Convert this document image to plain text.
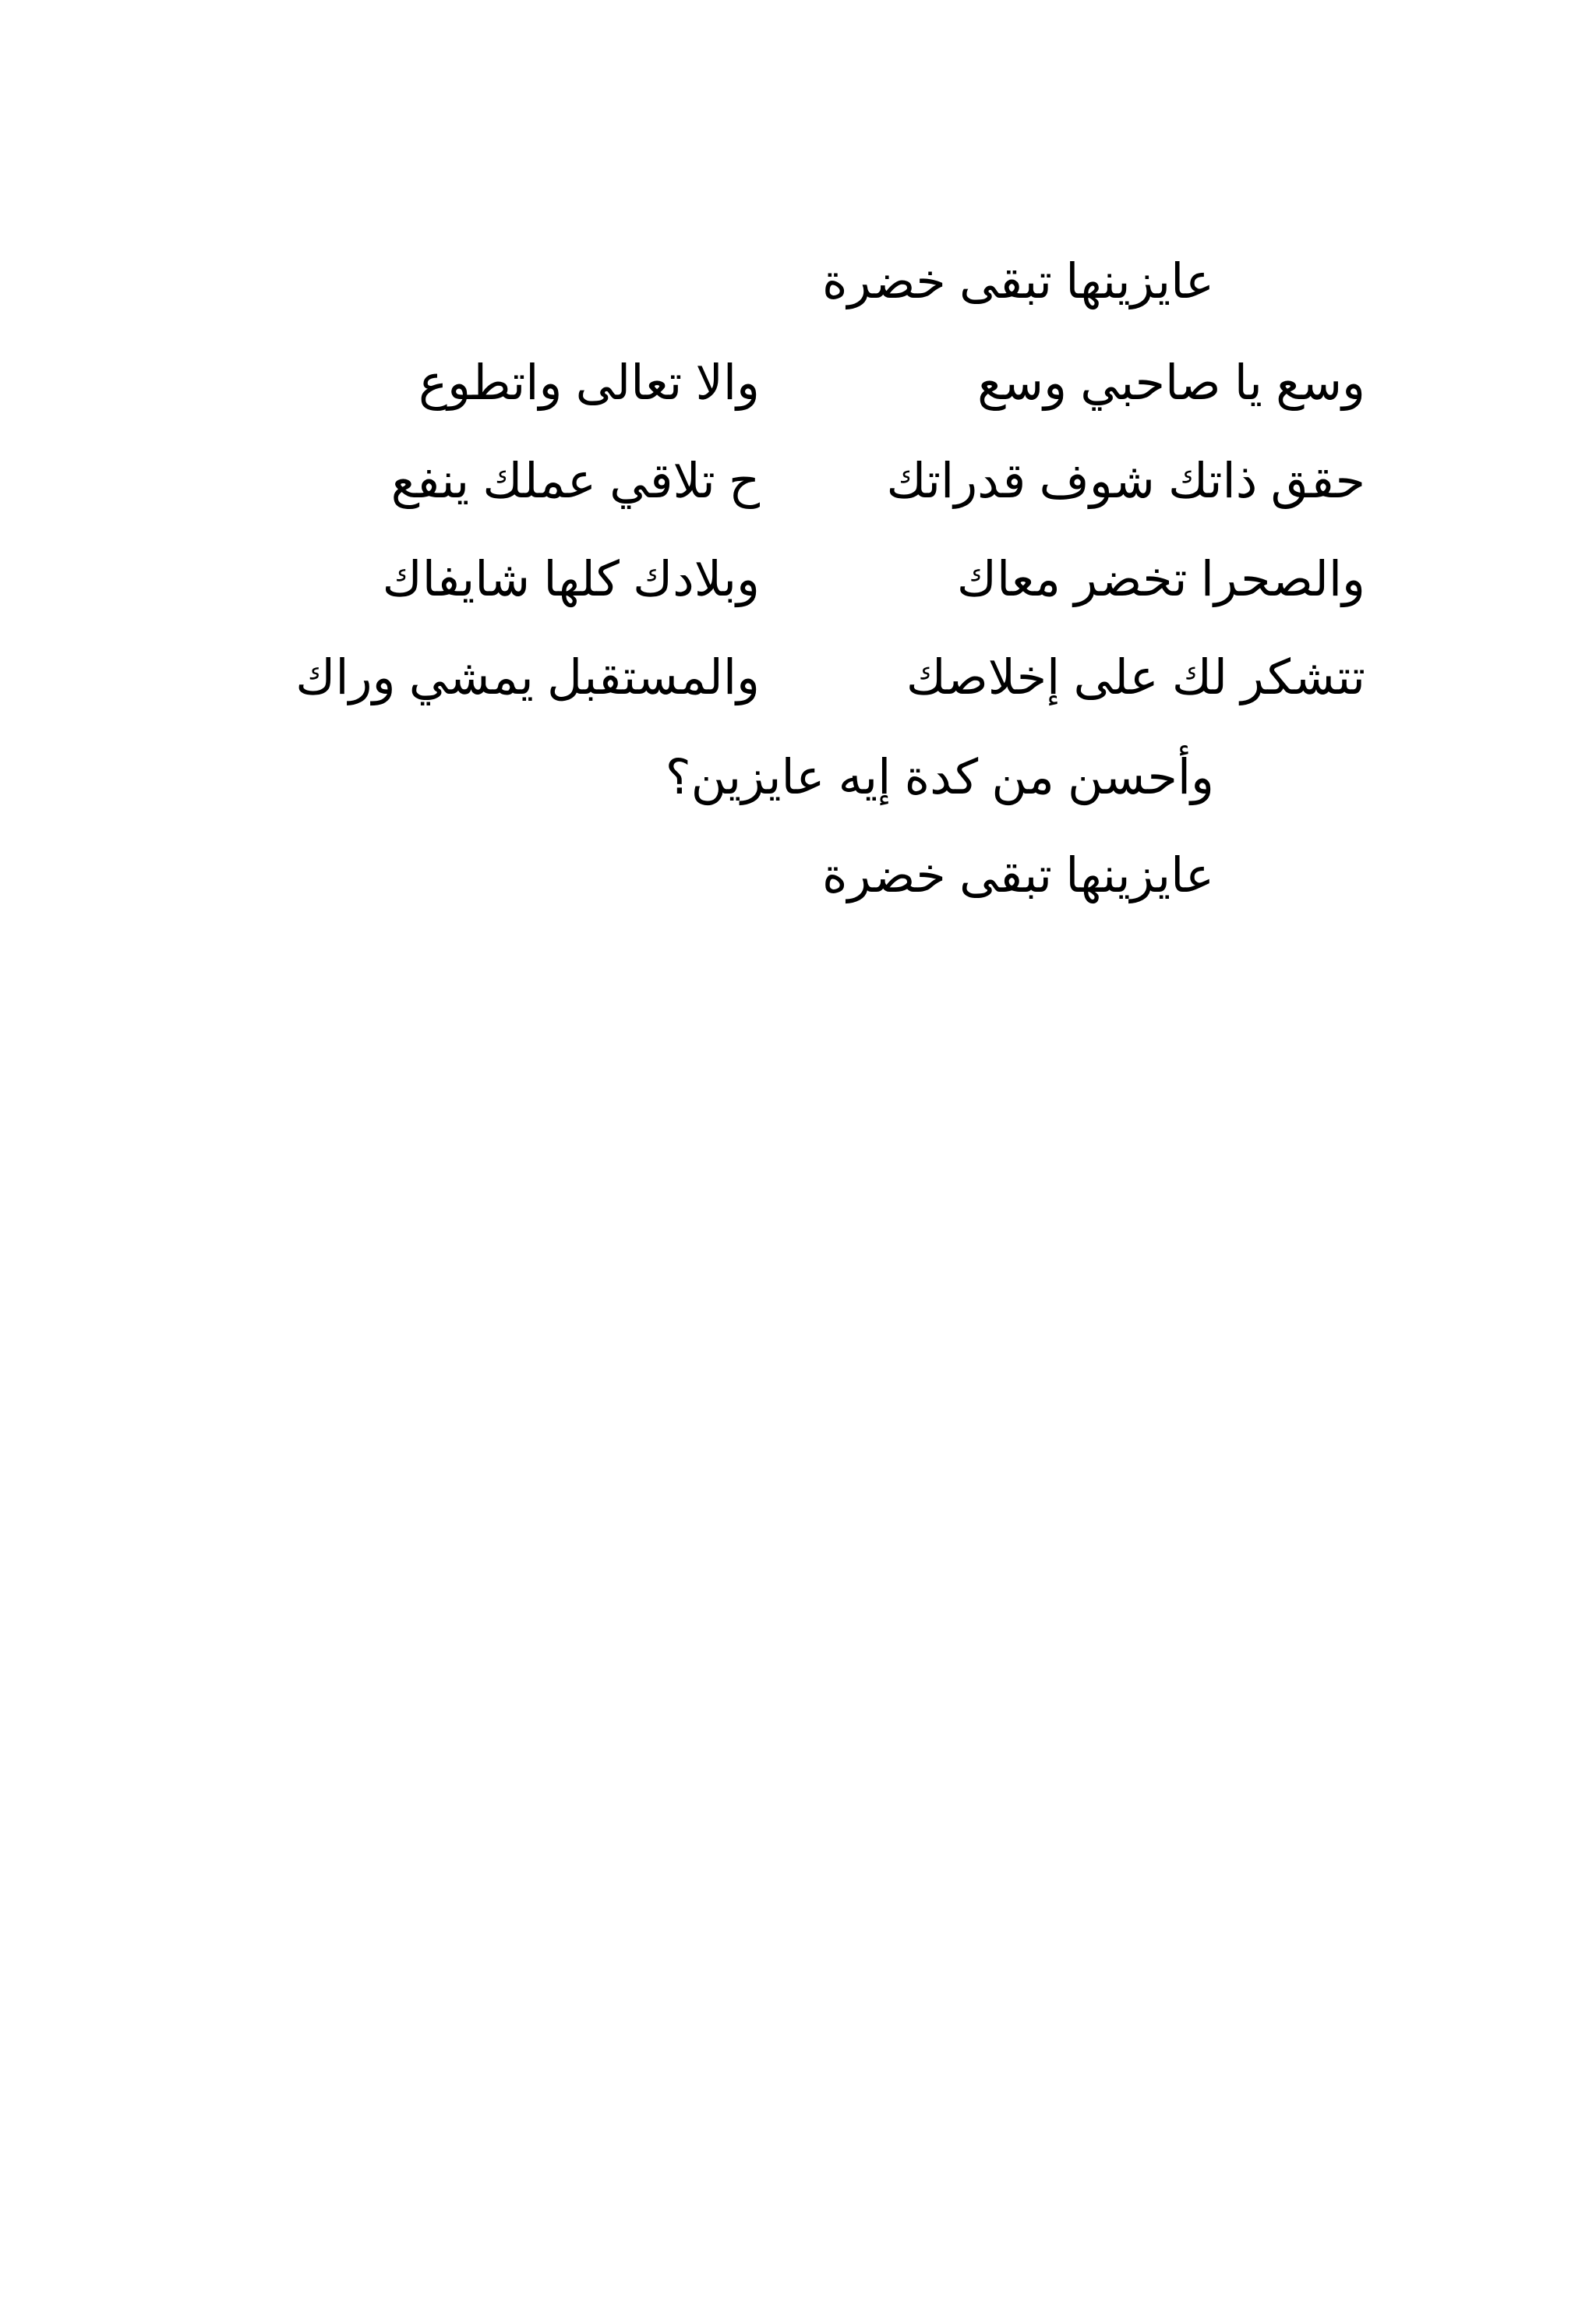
عايزينها تبقى خضرة
وسع يا صاحبي وسع
والا تعالى واتطوع
حقق ذاتك شوف قدراتك
ح تلاقي عملك ينفع
والصحرا تخضر معاك
وبلادك كلها شايفاك
تتشكر لك على إخلاصك
والمستقبل يمشي وراك
وأحسن من كدة إيه عايزين؟
عايزينها تبقى خضرة
